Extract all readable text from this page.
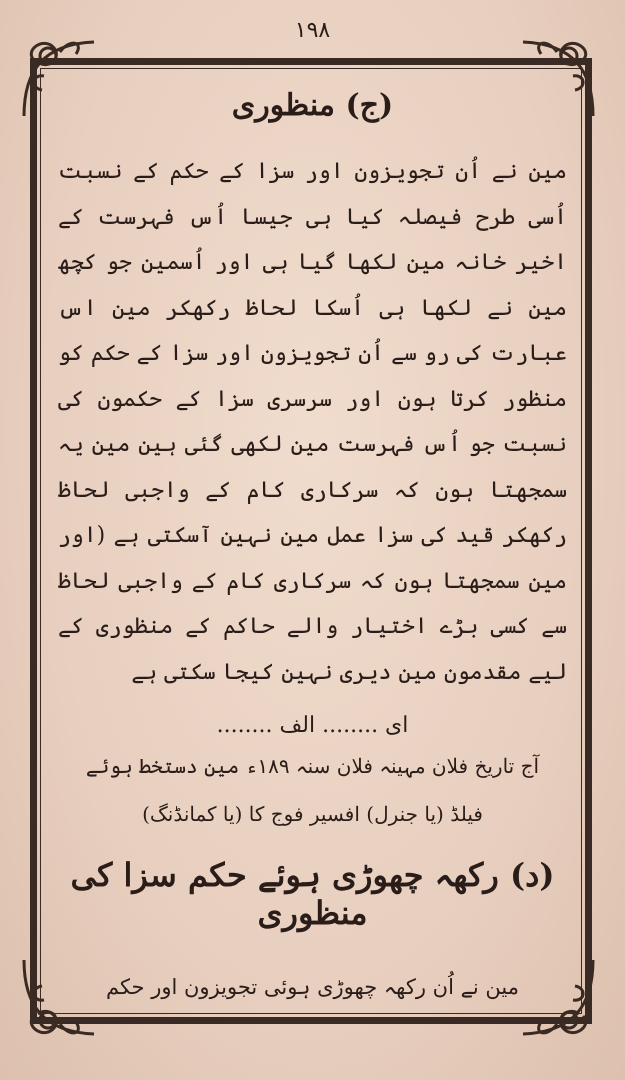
۱۹۸
(ج) منظوری

مین نے اُن تجویزون اور سزا کے حکم کے نسبت اُسی طرح فیصلہ کیا ہی جیسا اُس فہرست کے اخیر خانہ مین لکھا گیا ہی اور اُسمین جو کچھ مین نے لکھا ہی اُسکا لحاظ رکھکر مین اس عبارت کی رو سے اُن تجویزون اور سزا کے حکم کو منظور کرتا ہون اور سرسری سزا کے حکمون کی نسبت جو اُس فہرست مین لکھی گئی ہین مین یہ سمجھتا ہون کہ سرکاری کام کے واجبی لحاظ رکھکر قید کی سزا عمل مین نہین آسکتی ہے (اور مین سمجھتا ہون کہ سرکاری کام کے واجبی لحاظ سے کسی بڑے اختیار والے حاکم کے منظوری کے لیے مقدمون مین دیری نہین کیجا سکتی ہے

ای ........ الف ........
آج تاریخ فلان مہینہ فلان سنہ ۱۸۹ء مین دستخط ہوئے
فیلڈ (یا جنرل) افسیر فوج کا (یا کمانڈنگ)
(د) رکھہ چھوڑی ہوئے حکم سزا کی منظوری
مین نے اُن رکھہ چھوڑی ہوئی تجویزون اور حکم
